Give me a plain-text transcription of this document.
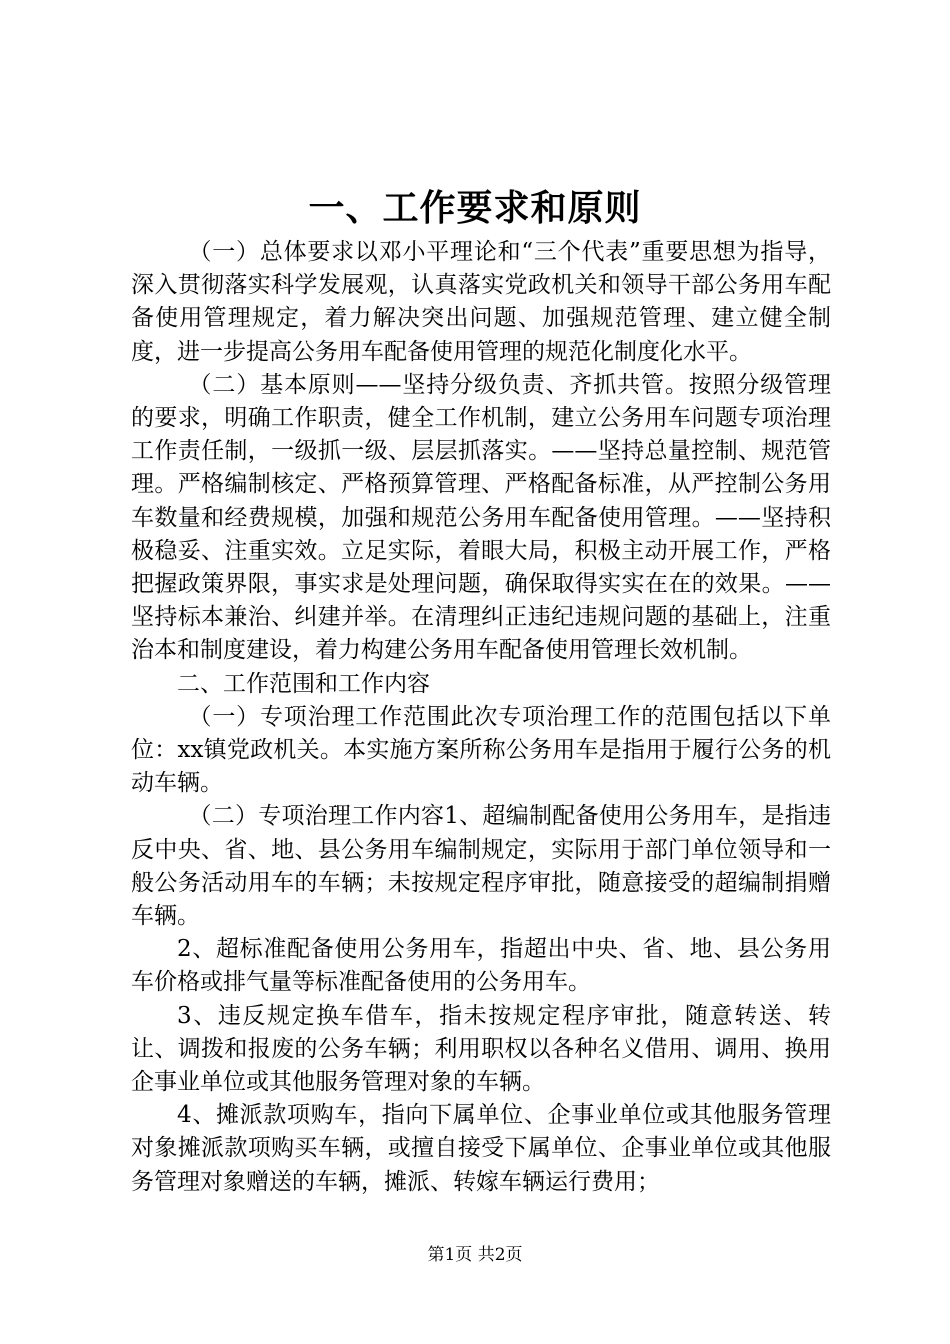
一、工作要求和原则

（一）总体要求以邓小平理论和“三个代表”重要思想为指导，深入贯彻落实科学发展观，认真落实党政机关和领导干部公务用车配备使用管理规定，着力解决突出问题、加强规范管理、建立健全制度，进一步提高公务用车配备使用管理的规范化制度化水平。

（二）基本原则——坚持分级负责、齐抓共管。按照分级管理的要求，明确工作职责，健全工作机制，建立公务用车问题专项治理工作责任制，一级抓一级、层层抓落实。——坚持总量控制、规范管理。严格编制核定、严格预算管理、严格配备标准，从严控制公务用车数量和经费规模，加强和规范公务用车配备使用管理。——坚持积极稳妥、注重实效。立足实际，着眼大局，积极主动开展工作，严格把握政策界限，事实求是处理问题，确保取得实实在在的效果。——坚持标本兼治、纠建并举。在清理纠正违纪违规问题的基础上，注重治本和制度建设，着力构建公务用车配备使用管理长效机制。

二、工作范围和工作内容

（一）专项治理工作范围此次专项治理工作的范围包括以下单位：xx镇党政机关。本实施方案所称公务用车是指用于履行公务的机动车辆。

（二）专项治理工作内容1、超编制配备使用公务用车，是指违反中央、省、地、县公务用车编制规定，实际用于部门单位领导和一般公务活动用车的车辆；未按规定程序审批，随意接受的超编制捐赠车辆。

2、超标准配备使用公务用车，指超出中央、省、地、县公务用车价格或排气量等标准配备使用的公务用车。

3、违反规定换车借车，指未按规定程序审批，随意转送、转让、调拨和报废的公务车辆；利用职权以各种名义借用、调用、换用企事业单位或其他服务管理对象的车辆。

4、摊派款项购车，指向下属单位、企事业单位或其他服务管理对象摊派款项购买车辆，或擅自接受下属单位、企事业单位或其他服务管理对象赠送的车辆，摊派、转嫁车辆运行费用；

第1页 共2页
